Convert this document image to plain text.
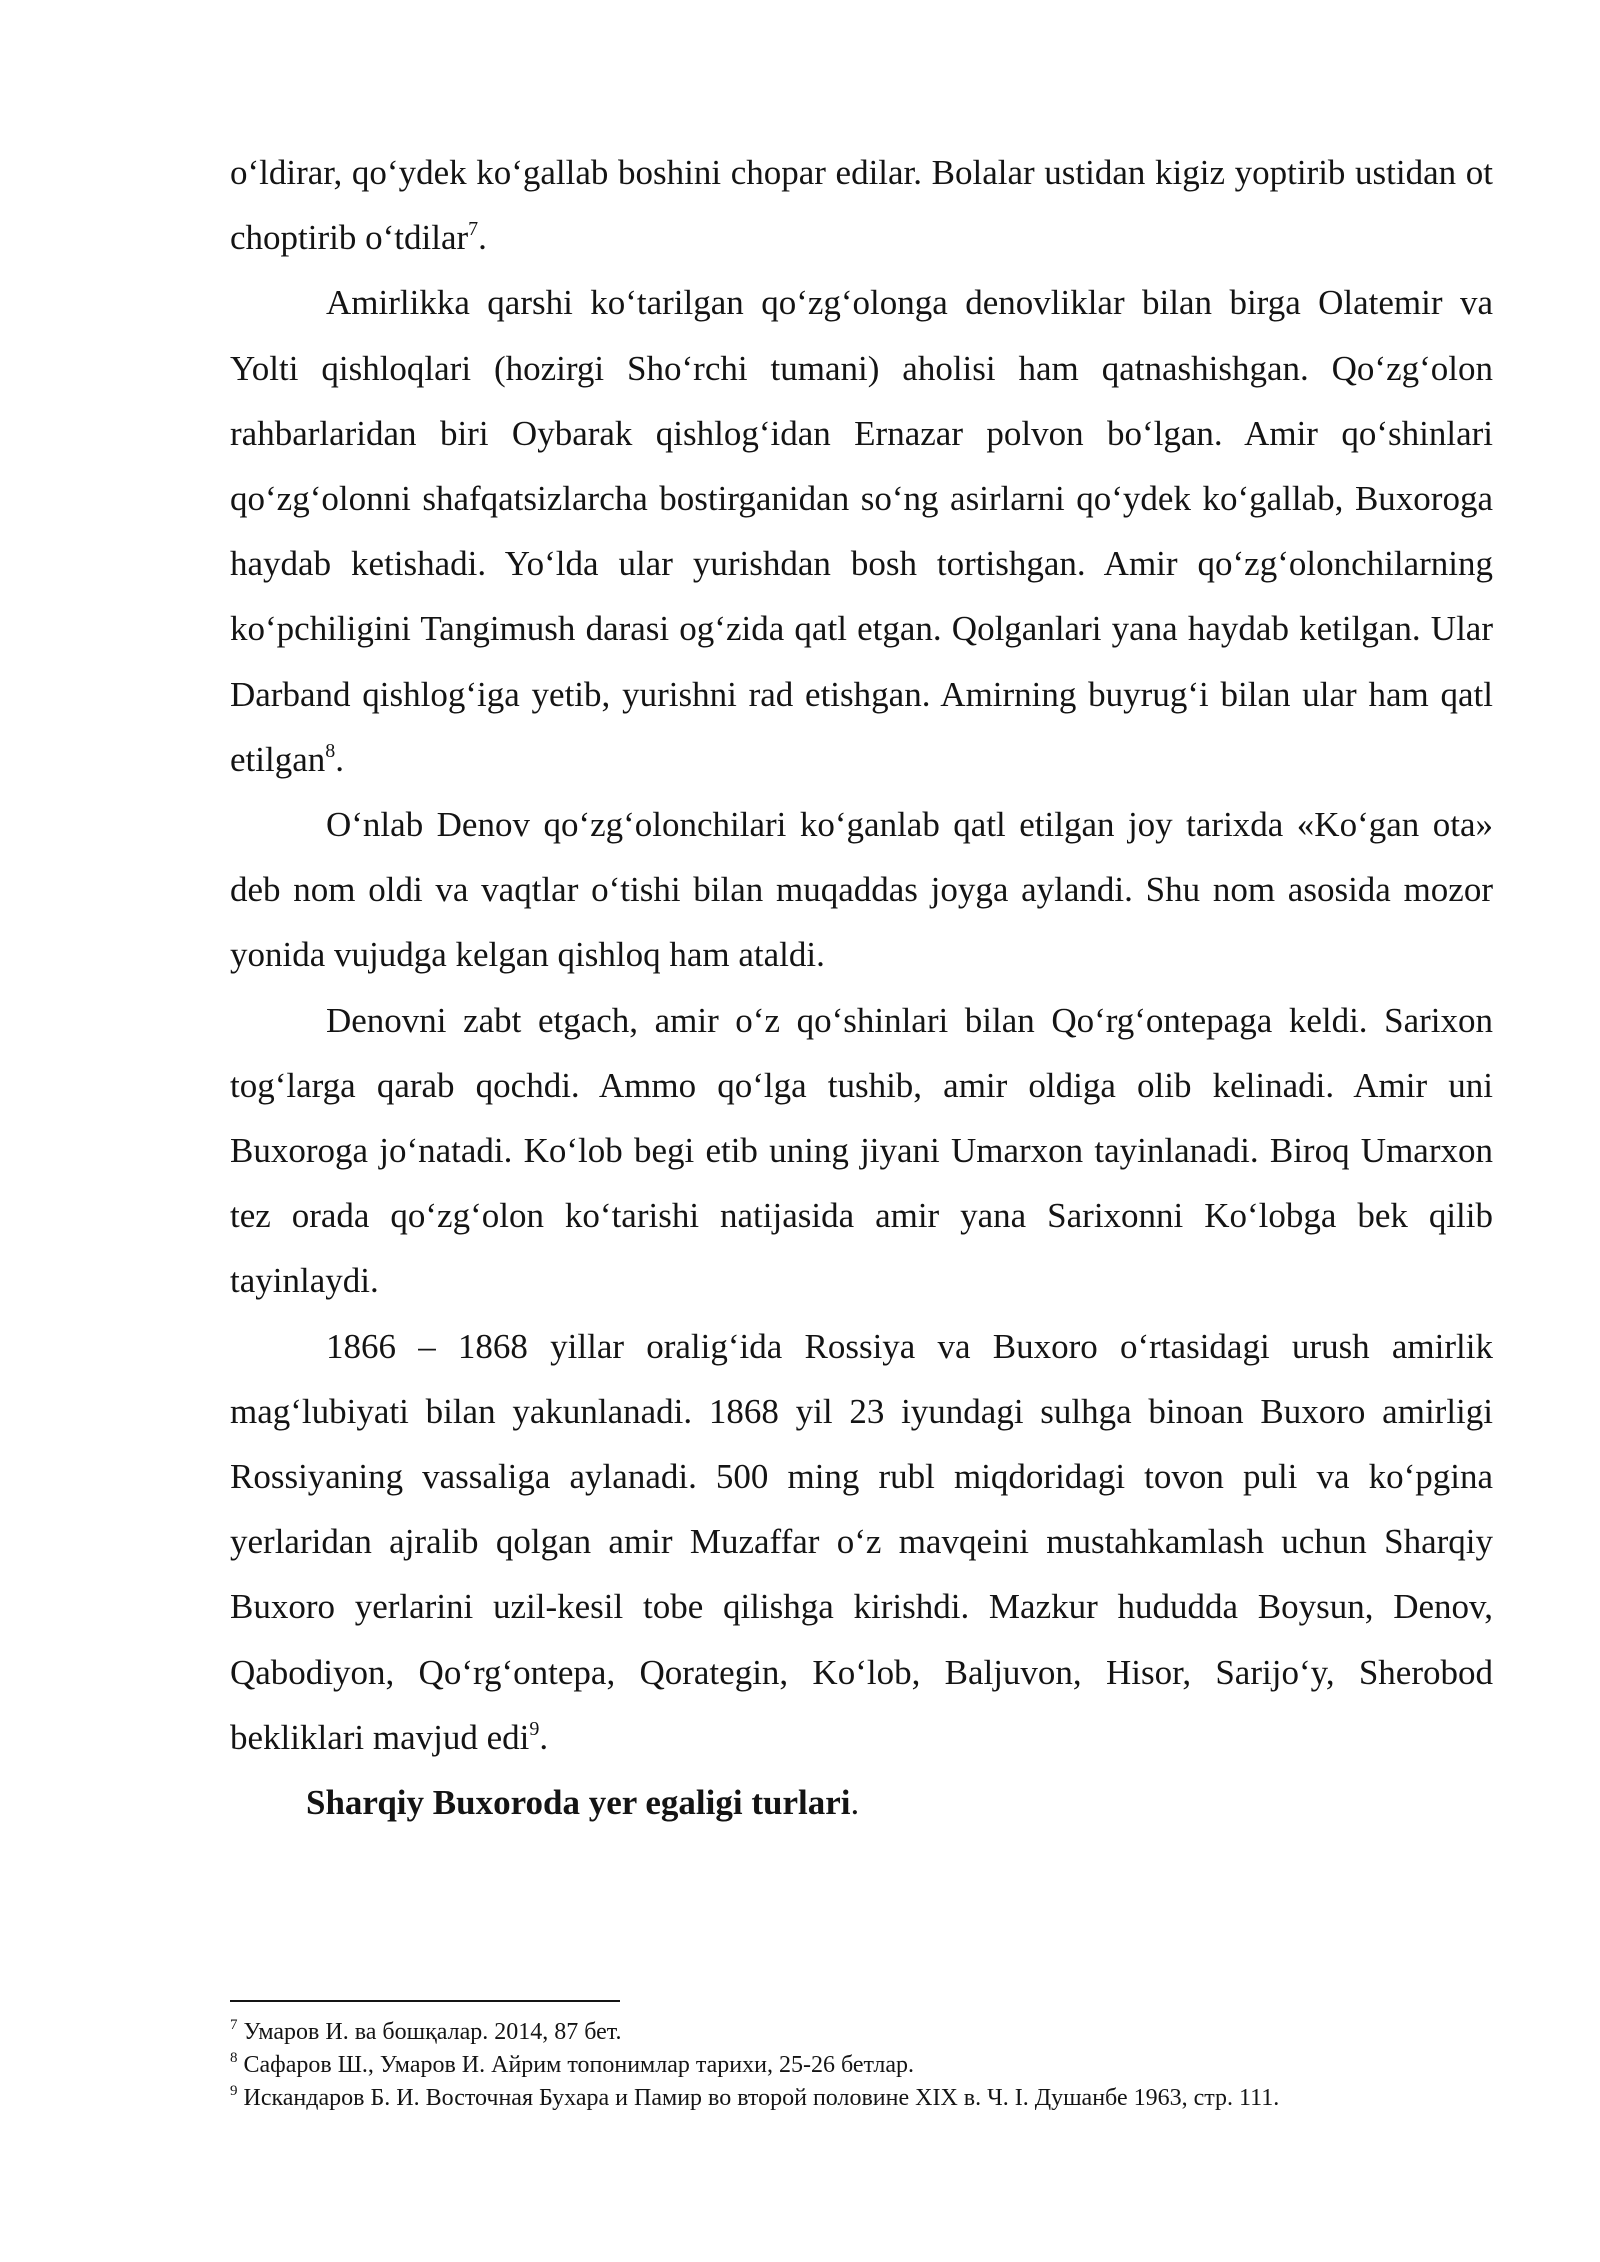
oʻldirar, qoʻydek koʻgallab boshini chopar edilar. Bolalar ustidan kigiz yoptirib ustidan ot choptirib oʻtdilar$^7$.

Amirlikka qarshi koʻtarilgan qoʻzgʻolonga denovliklar bilan birga Olatemir va Yolti qishloqlari (hozirgi Shoʻrchi tumani) aholisi ham qatnashishgan. Qoʻzgʻolon rahbarlaridan biri Oybarak qishlogʻidan Ernazar polvon boʻlgan. Amir qoʻshinlari qoʻzgʻolonni shafqatsizlarcha bostirganidan soʻng asirlarni qoʻydek koʻgallab, Buxoroga haydab ketishadi. Yoʻlda ular yurishdan bosh tortishgan. Amir qoʻzgʻolonchilarning koʻpchiligini Tangimush darasi ogʻzida qatl etgan. Qolganlari yana haydab ketilgan. Ular Darband qishlogʻiga yetib, yurishni rad etishgan. Amirning buyrugʻi bilan ular ham qatl etilgan$^8$.

Oʻnlab Denov qoʻzgʻolonchilari koʻganlab qatl etilgan joy tarixda «Koʻgan ota» deb nom oldi va vaqtlar oʻtishi bilan muqaddas joyga aylandi. Shu nom asosida mozor yonida vujudga kelgan qishloq ham ataldi.

Denovni zabt etgach, amir oʻz qoʻshinlari bilan Qoʻrgʻontepaga keldi. Sarixon togʻlarga qarab qochdi. Ammo qoʻlga tushib, amir oldiga olib kelinadi. Amir uni Buxoroga joʻnatadi. Koʻlob begi etib uning jiyani Umarxon tayinlanadi. Biroq Umarxon tez orada qoʻzgʻolon koʻtarishi natijasida amir yana Sarixonni Koʻlobga bek qilib tayinlaydi.

1866 – 1868 yillar oraligʻida Rossiya va Buxoro oʻrtasidagi urush amirlik magʻlubiyati bilan yakunlanadi. 1868 yil 23 iyundagi sulhga binoan Buxoro amirligi Rossiyaning vassaliga aylanadi. 500 ming rubl miqdoridagi tovon puli va koʻpgina yerlaridan ajralib qolgan amir Muzaffar oʻz mavqeini mustahkamlash uchun Sharqiy Buxoro yerlarini uzil-kesil tobe qilishga kirishdi. Mazkur hududda Boysun, Denov, Qabodiyon, Qoʻrgʻontepa, Qorategin, Koʻlob, Baljuvon, Hisor, Sarijoʻy, Sherobod bekliklari mavjud edi$^9$.

Sharqiy Buxoroda yer egaligi turlari.

$^7$ Умаров И. ва бошқалар. 2014, 87 бет.

$^8$ Сафаров Ш., Умаров И. Айрим топонимлар тарихи, 25-26 бетлар.

$^9$ Искандаров Б. И. Восточная Бухара и Памир во второй половине XIX в. Ч. I. Душанбе 1963, стр. 111.
